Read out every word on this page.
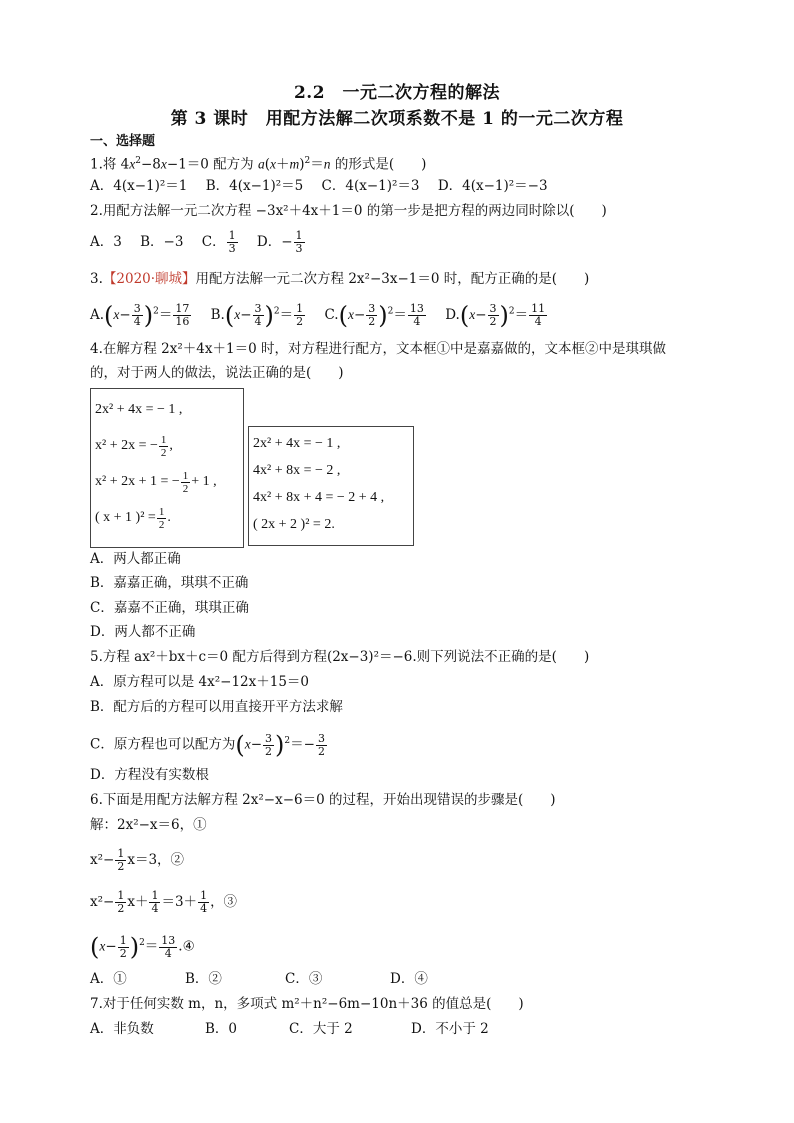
2.2　一元二次方程的解法
第 3 课时　用配方法解二次项系数不是 1 的一元二次方程
一、选择题
1.将 $4x^2-8x-1=0$ 配方为 $a(x+m)^2=n$ 的形式是(　　)
A．4(x−1)²＝1 B．4(x−1)²＝5 C．4(x−1)²＝3 D．4(x−1)²＝−3
2.用配方法解一元二次方程 −3x²＋4x＋1＝0 的第一步是把方程的两边同时除以(　　)
A．3 B．−3 C． $\frac{1}{3}$ D．− $\frac{1}{3}$
3.【2020·聊城】用配方法解一元二次方程 2x²−3x−1＝0 时，配方正确的是(　　)
$A.(x- \frac{3}{4} )^2= \frac{17}{16} B.(x- \frac{3}{4} )^2= \frac{1}{2} C.(x- \frac{3}{2} )^2= \frac{13}{4} D.(x- \frac{3}{2} )^2= \frac{11}{4}$
4.在解方程 2x²＋4x＋1＝0 时，对方程进行配方，文本框①中是嘉嘉做的，文本框②中是琪琪做
的，对于两人的做法，说法正确的是(　　)
2x² + 4x = − 1 ,
x² + 2x = − $\frac{1}{2}$ ,
x² + 2x + 1 = − $\frac{1}{2} + 1$ ,
( x + 1 )$^2 = \frac{1}{2}$ .
2x² + 4x = − 1 ,
4x² + 8x = − 2 ,
4x² + 8x + 4 = − 2 + 4 ,
( 2x + 2 )² = 2.
A．两人都正确
B．嘉嘉正确，琪琪不正确
C．嘉嘉不正确，琪琪正确
D．两人都不正确
5.方程 ax²＋bx＋c＝0 配方后得到方程(2x−3)²＝−6.则下列说法不正确的是(　　)
A．原方程可以是 4x²−12x＋15＝0
B．配方后的方程可以用直接开平方法求解
C．原方程也可以配方为$(x- \frac{3}{2} )^2=- \frac{3}{2}$
D．方程没有实数根
6.下面是用配方法解方程 2x²−x−6＝0 的过程，开始出现错误的步骤是(　　)
解：2x²−x＝6，①
$x^2- \frac{1}{2} x=3$，②
$x^2- \frac{1}{2} x+ \frac{1}{4} =3+ \frac{1}{4}$ ，③
$(x- \frac{1}{2} )^2= \frac{13}{4}$ .④
A．①	B．②	C．③	D．④
7.对于任何实数 m，n，多项式 m²＋n²−6m−10n＋36 的值总是(　　)
A．非负数	B．0	C．大于 2	D．不小于 2
